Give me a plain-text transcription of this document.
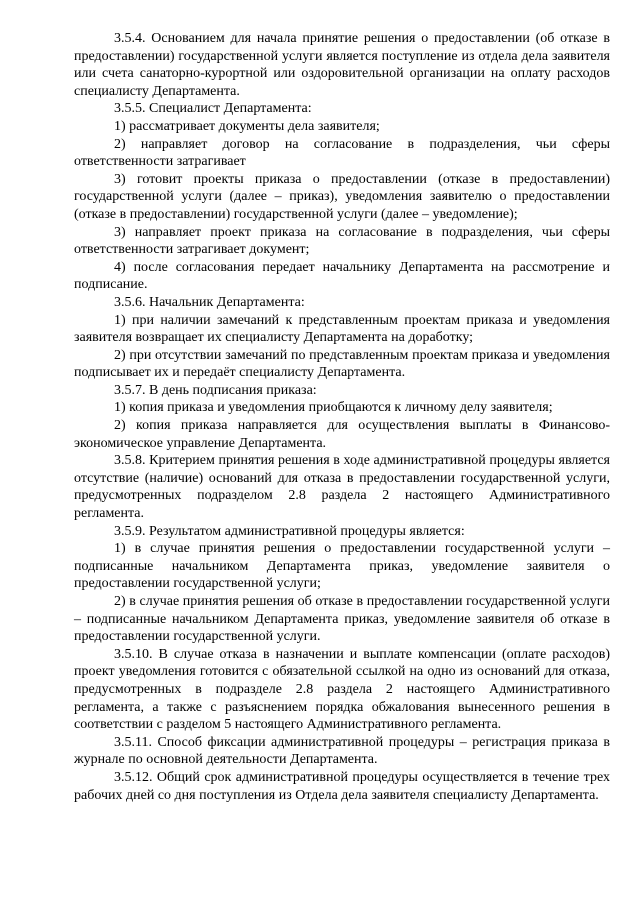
3.5.4. Основанием для начала принятие решения о предоставлении (об отказе в предоставлении) государственной услуги является поступление из отдела дела заявителя или счета санаторно-курортной или оздоровительной организации на оплату расходов специалисту Департамента.

3.5.5. Специалист Департамента:

1) рассматривает документы дела заявителя;

2) направляет договор на согласование в подразделения, чьи сферы ответственности затрагивает

3) готовит проекты приказа о предоставлении (отказе в предоставлении) государственной услуги (далее – приказ), уведомления заявителю о предоставлении (отказе в предоставлении) государственной услуги (далее – уведомление);

3) направляет проект приказа на согласование в подразделения, чьи сферы ответственности затрагивает документ;

4) после согласования передает начальнику Департамента на рассмотрение и подписание.

3.5.6. Начальник Департамента:

1) при наличии замечаний к представленным проектам приказа и уведомления заявителя возвращает их специалисту Департамента на доработку;

2) при отсутствии замечаний по представленным проектам приказа и уведомления подписывает их и передаёт специалисту Департамента.

3.5.7. В день подписания приказа:

1) копия приказа и уведомления приобщаются к личному делу заявителя;

2) копия приказа направляется для осуществления выплаты в Финансово-экономическое управление Департамента.

3.5.8. Критерием принятия решения в ходе административной процедуры является отсутствие (наличие) оснований для отказа в предоставлении государственной услуги, предусмотренных подразделом 2.8 раздела 2 настоящего Административного регламента.

3.5.9. Результатом административной процедуры является:

1) в случае принятия решения о предоставлении государственной услуги – подписанные начальником Департамента приказ, уведомление заявителя о предоставлении государственной услуги;

2) в случае принятия решения об отказе в предоставлении государственной услуги – подписанные начальником Департамента приказ, уведомление заявителя об отказе в предоставлении государственной услуги.

3.5.10. В случае отказа в назначении и выплате компенсации (оплате расходов) проект уведомления готовится с обязательной ссылкой на одно из оснований для отказа, предусмотренных в подразделе 2.8 раздела 2 настоящего Административного регламента, а также с разъяснением порядка обжалования вынесенного решения в соответствии с разделом 5 настоящего Административного регламента.

3.5.11. Способ фиксации административной процедуры – регистрация приказа в журнале по основной деятельности Департамента.

3.5.12. Общий срок административной процедуры осуществляется в течение трех рабочих дней со дня поступления из Отдела дела заявителя специалисту Департамента.
